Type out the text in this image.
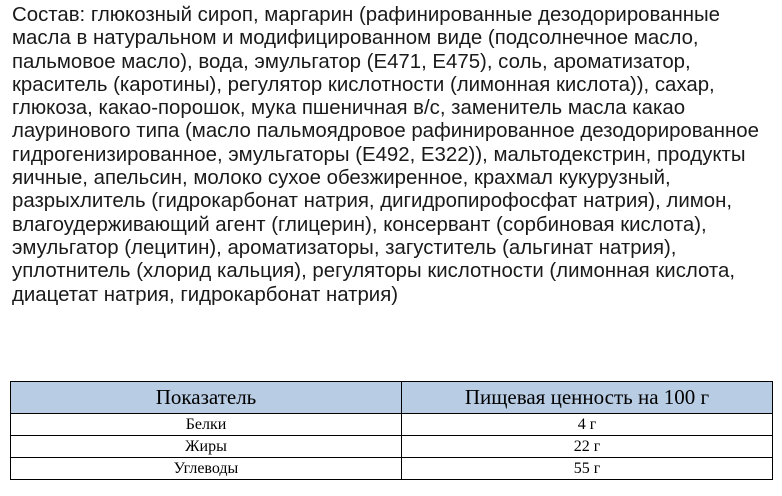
Состав: глюкозный сироп, маргарин (рафинированные дезодорированные масла в натуральном и модифицированном виде (подсолнечное масло, пальмовое масло), вода, эмульгатор (Е471, Е475), соль, ароматизатор, краситель (каротины), регулятор кислотности (лимонная кислота)), сахар, глюкоза, какао-порошок, мука пшеничная в/с, заменитель масла какао лауринового типа (масло пальмоядровое рафинированное дезодорированное гидрогенизированное, эмульгаторы (Е492, Е322)), мальтодекстрин, продукты яичные, апельсин, молоко сухое обезжиренное, крахмал кукурузный, разрыхлитель (гидрокарбонат натрия, дигидропирофосфат натрия), лимон, влагоудерживающий агент (глицерин), консервант (сорбиновая кислота), эмульгатор (лецитин), ароматизаторы, загуститель (альгинат натрия), уплотнитель (хлорид кальция), регуляторы кислотности (лимонная кислота, диацетат натрия, гидрокарбонат натрия)

Показатель	Пищевая ценность на 100 г
Белки	4 г
Жиры	22 г
Углеводы	55 г
